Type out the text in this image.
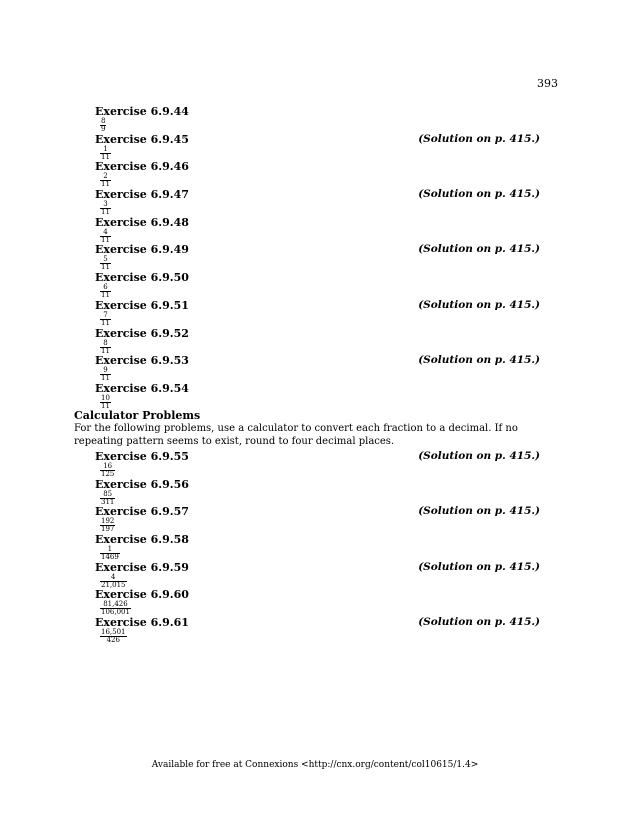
393
Exercise 6.9.44
8
9
Exercise 6.9.45	(Solution on p. 415.)
1
11
Exercise 6.9.46
2
11
Exercise 6.9.47	(Solution on p. 415.)
3
11
Exercise 6.9.48
4
11
Exercise 6.9.49	(Solution on p. 415.)
5
11
Exercise 6.9.50
6
11
Exercise 6.9.51	(Solution on p. 415.)
7
11
Exercise 6.9.52
8
11
Exercise 6.9.53	(Solution on p. 415.)
9
11
Exercise 6.9.54
10
11
Calculator Problems
For the following problems, use a calculator to convert each fraction to a decimal. If no repeating pattern seems to exist, round to four decimal places.
Exercise 6.9.55	(Solution on p. 415.)
16
125
Exercise 6.9.56
85
311
Exercise 6.9.57	(Solution on p. 415.)
192
197
Exercise 6.9.58
1
1469
Exercise 6.9.59	(Solution on p. 415.)
4
21,015
Exercise 6.9.60
81,426
106,001
Exercise 6.9.61	(Solution on p. 415.)
16,501
426
Available for free at Connexions <http://cnx.org/content/col10615/1.4>
